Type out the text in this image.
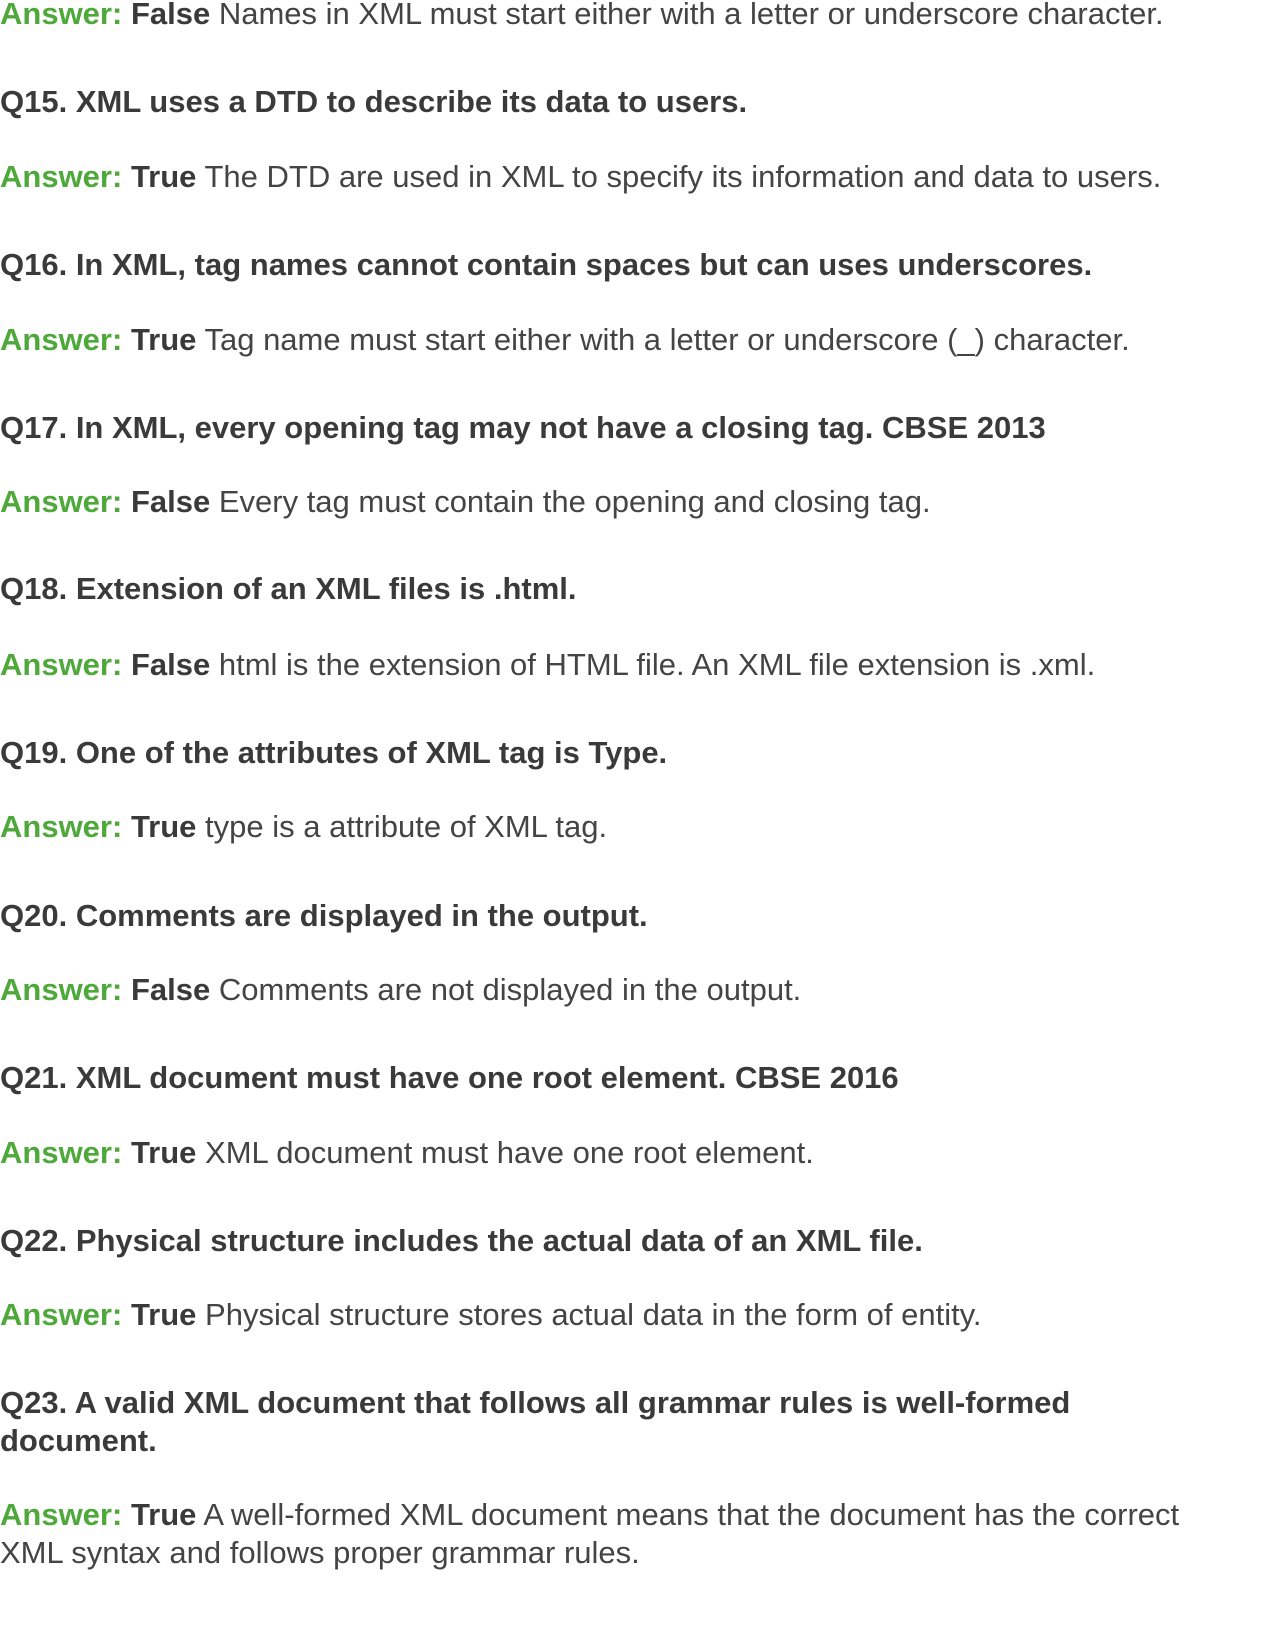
Answer: False Names in XML must start either with a letter or underscore character.
Q15. XML uses a DTD to describe its data to users.
Answer: True The DTD are used in XML to specify its information and data to users.
Q16. In XML, tag names cannot contain spaces but can uses underscores.
Answer: True Tag name must start either with a letter or underscore (_) character.
Q17. In XML, every opening tag may not have a closing tag. CBSE 2013
Answer: False Every tag must contain the opening and closing tag.
Q18. Extension of an XML files is .html.
Answer: False html is the extension of HTML file. An XML file extension is .xml.
Q19. One of the attributes of XML tag is Type.
Answer: True type is a attribute of XML tag.
Q20. Comments are displayed in the output.
Answer: False Comments are not displayed in the output.
Q21. XML document must have one root element. CBSE 2016
Answer: True XML document must have one root element.
Q22. Physical structure includes the actual data of an XML file.
Answer: True Physical structure stores actual data in the form of entity.
Q23. A valid XML document that follows all grammar rules is well-formed
document.
Answer: True A well-formed XML document means that the document has the correct
XML syntax and follows proper grammar rules.
